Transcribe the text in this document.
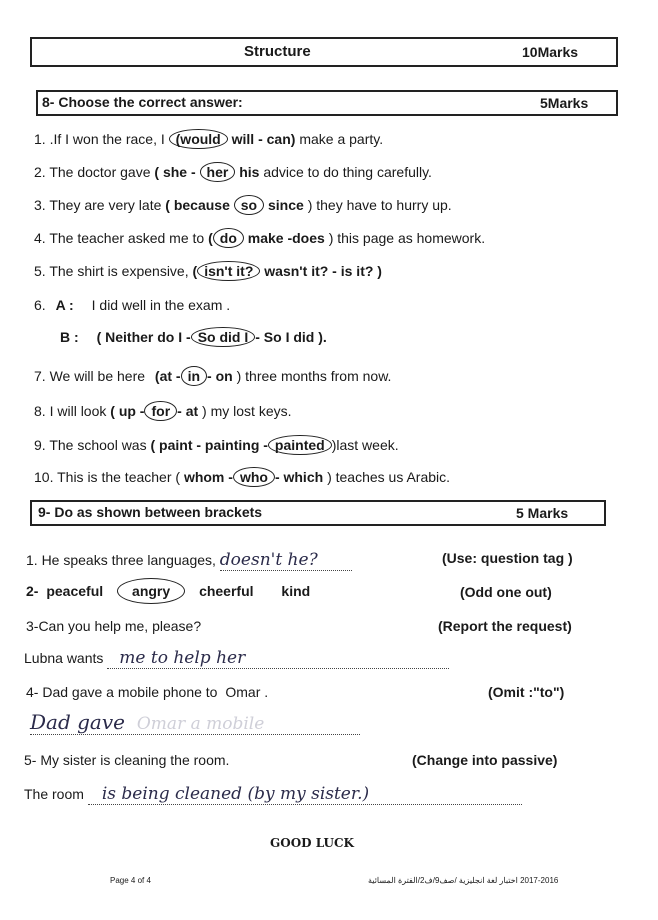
Structure	10Marks
8- Choose the correct answer:	5Marks
1. .If I won the race, I (would will - can) make a party.
2. The doctor gave ( she - her his advice to do thing carefully.
3. They are very late ( because so since ) they have to hurry up.
4. The teacher asked me to ( do make -does ) this page as homework.
5. The shirt is expensive, ( isn't it? wasn't it? - is it? )
6. A : I did well in the exam .
B : ( Neither do I - So did I - So I did ).
7. We will be here (at - in - on ) three months from now.
8. I will look ( up - for - at ) my lost keys.
9. The school was ( paint - painting - painted )last week.
10. This is the teacher ( whom - who - which ) teaches us Arabic.
9- Do as shown between brackets	5 Marks
1. He speaks three languages, doesn't he?	(Use: question tag )
2- peaceful angry cheerful kind	(Odd one out)
3-Can you help me, please?	(Report the request)
Lubna wants me to help her
4- Dad gave a mobile phone to Omar .	(Omit :"to")
Dad gave Omar a mobile
5- My sister is cleaning the room.	(Change into passive)
The room is being cleaned (by my sister.)
GOOD LUCK
Page 4 of 4	2017-2016 اختبار لغة انجليزية /صف9/ف2/الفترة المسائية
